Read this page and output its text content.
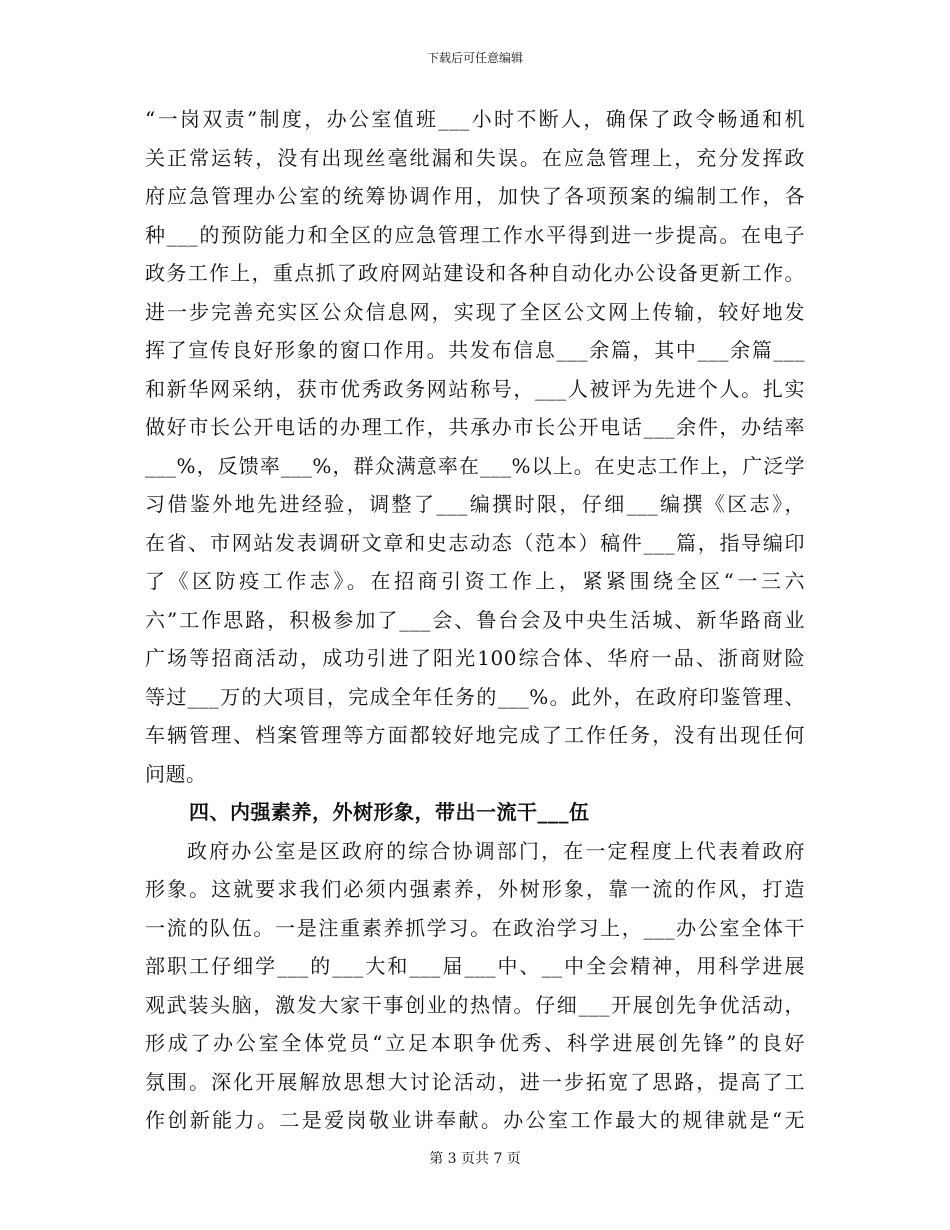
下载后可任意编辑
“一岗双责”制度，办公室值班___小时不断人，确保了政令畅通和机
关正常运转，没有出现丝毫纰漏和失误。在应急管理上，充分发挥政
府应急管理办公室的统筹协调作用，加快了各项预案的编制工作，各
种___的预防能力和全区的应急管理工作水平得到进一步提高。在电子
政务工作上，重点抓了政府网站建设和各种自动化办公设备更新工作。
进一步完善充实区公众信息网，实现了全区公文网上传输，较好地发
挥了宣传良好形象的窗口作用。共发布信息___余篇，其中___余篇___
和新华网采纳，获市优秀政务网站称号，___人被评为先进个人。扎实
做好市长公开电话的办理工作，共承办市长公开电话___余件，办结率
___%，反馈率___%，群众满意率在___%以上。在史志工作上，广泛学
习借鉴外地先进经验，调整了___编撰时限，仔细___编撰《区志》，
在省、市网站发表调研文章和史志动态（范本）稿件___篇，指导编印
了《区防疫工作志》。在招商引资工作上，紧紧围绕全区“一三六
六”工作思路，积极参加了___会、鲁台会及中央生活城、新华路商业
广场等招商活动，成功引进了阳光100综合体、华府一品、浙商财险
等过___万的大项目，完成全年任务的___%。此外，在政府印鉴管理、
车辆管理、档案管理等方面都较好地完成了工作任务，没有出现任何
问题。
四、内强素养，外树形象，带出一流干___伍
政府办公室是区政府的综合协调部门，在一定程度上代表着政府
形象。这就要求我们必须内强素养，外树形象，靠一流的作风，打造
一流的队伍。一是注重素养抓学习。在政治学习上，___办公室全体干
部职工仔细学___的___大和___届___中、__中全会精神，用科学进展
观武装头脑，激发大家干事创业的热情。仔细___开展创先争优活动，
形成了办公室全体党员“立足本职争优秀、科学进展创先锋”的良好
氛围。深化开展解放思想大讨论活动，进一步拓宽了思路，提高了工
作创新能力。二是爱岗敬业讲奉献。办公室工作最大的规律就是“无
第 3 页共 7 页
